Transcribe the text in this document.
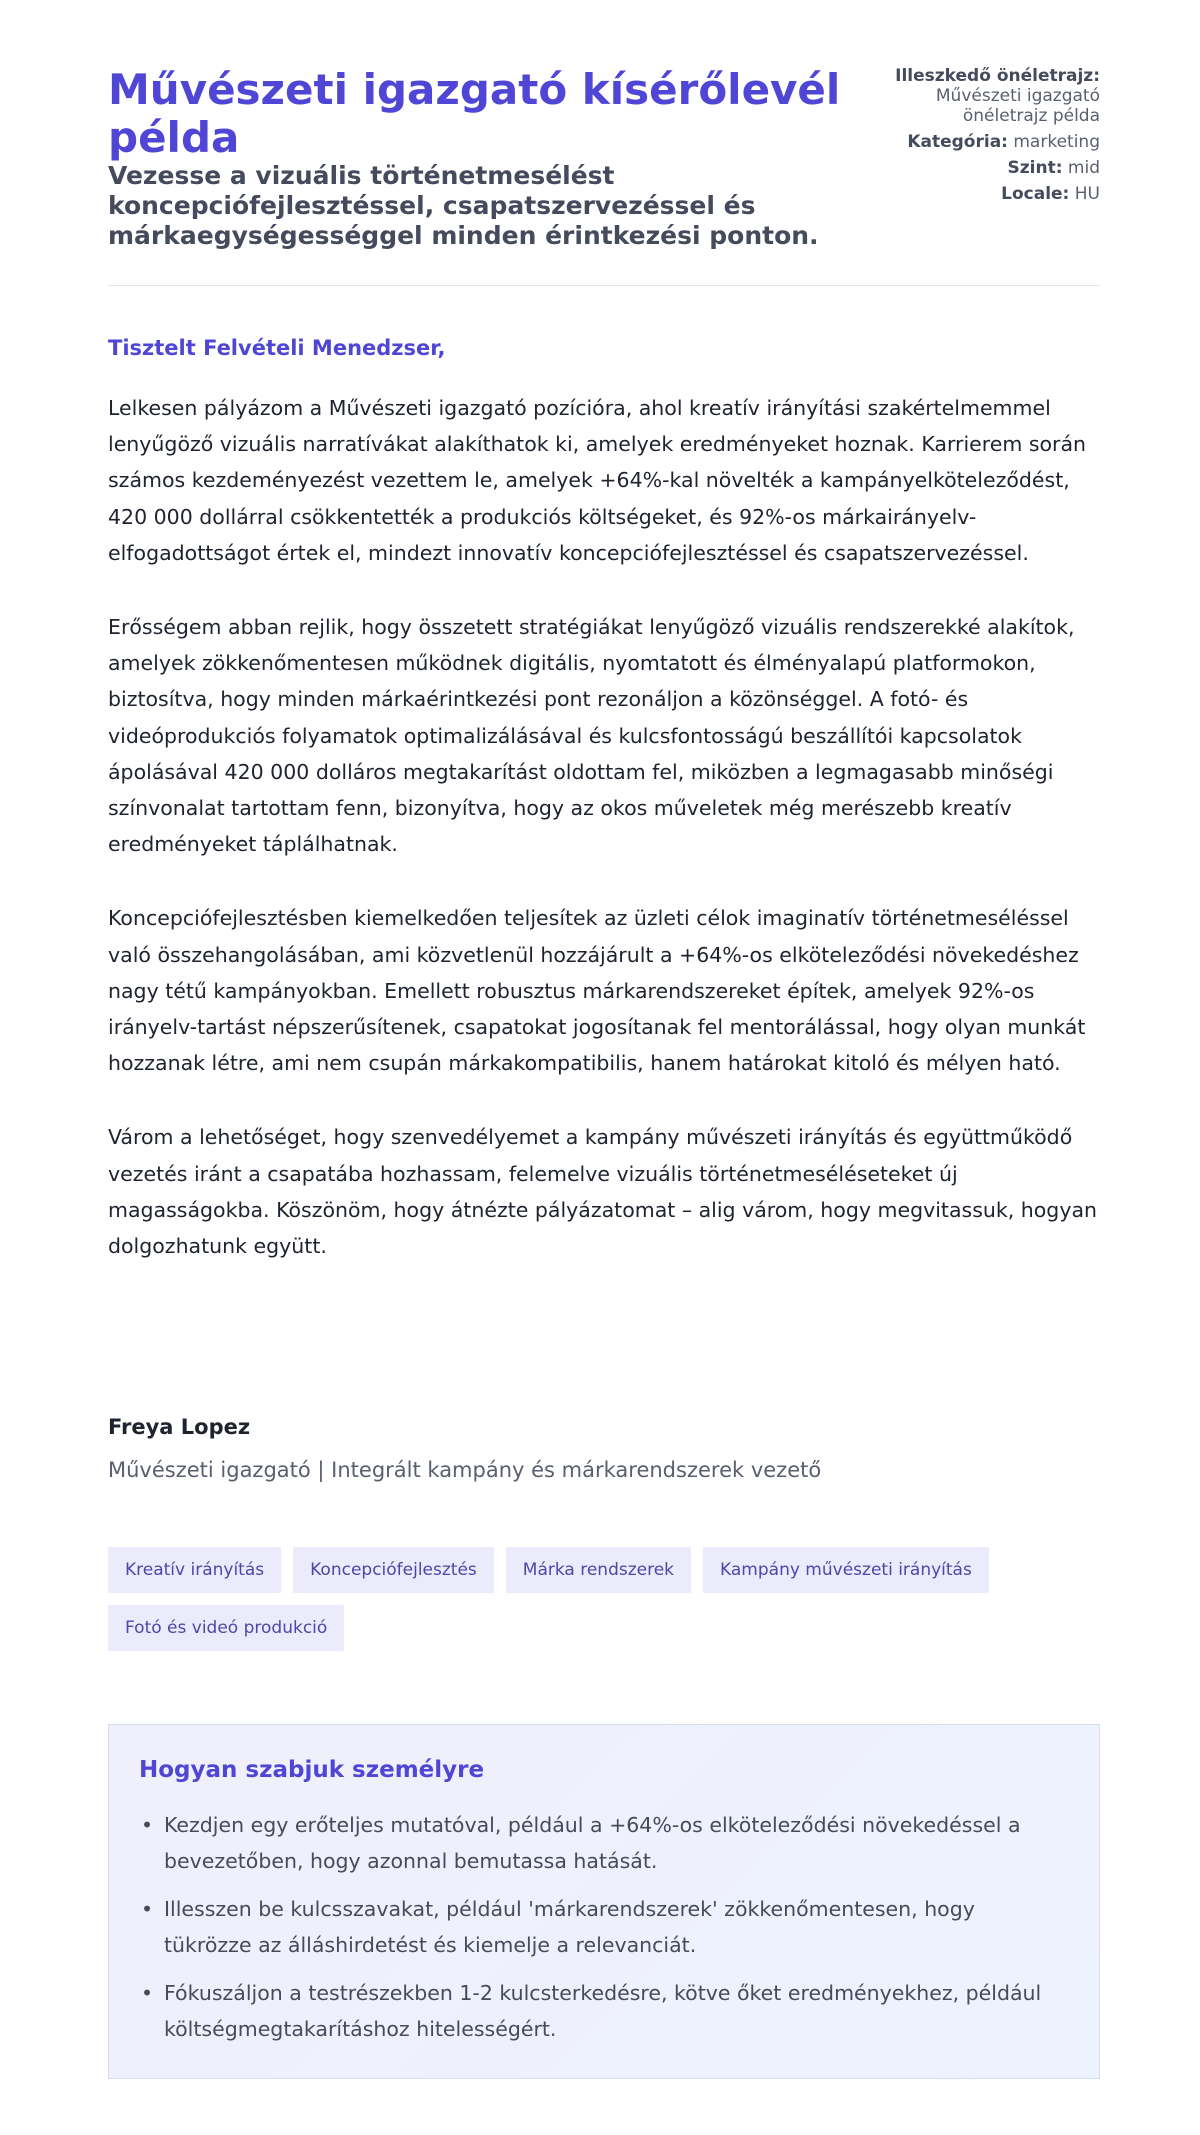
Művészeti igazgató kísérőlevél példa
Vezesse a vizuális történetmesélést koncepciófejlesztéssel, csapatszervezéssel és márkaegységességgel minden érintkezési ponton.

Illeszkedő önéletrajz: Művészeti igazgató önéletrajz példa

Kategória: marketing

Szint: mid

Locale: HU

Tisztelt Felvételi Menedzser,

Lelkesen pályázom a Művészeti igazgató pozícióra, ahol kreatív irányítási szakértelmemmel lenyűgöző vizuális narratívákat alakíthatok ki, amelyek eredményeket hoznak. Karrierem során számos kezdeményezést vezettem le, amelyek +64%-kal növelték a kampányelköteleződést, 420 000 dollárral csökkentették a produkciós költségeket, és 92%-os márkairányelv-elfogadottságot értek el, mindezt innovatív koncepciófejlesztéssel és csapatszervezéssel.

Erősségem abban rejlik, hogy összetett stratégiákat lenyűgöző vizuális rendszerekké alakítok, amelyek zökkenőmentesen működnek digitális, nyomtatott és élményalapú platformokon, biztosítva, hogy minden márkaérintkezési pont rezonáljon a közönséggel. A fotó- és videóprodukciós folyamatok optimalizálásával és kulcsfontosságú beszállítói kapcsolatok ápolásával 420 000 dolláros megtakarítást oldottam fel, miközben a legmagasabb minőségi színvonalat tartottam fenn, bizonyítva, hogy az okos műveletek még merészebb kreatív eredményeket táplálhatnak.

Koncepciófejlesztésben kiemelkedően teljesítek az üzleti célok imaginatív történetmeséléssel való összehangolásában, ami közvetlenül hozzájárult a +64%-os elköteleződési növekedéshez nagy tétű kampányokban. Emellett robusztus márkarendszereket építek, amelyek 92%-os irányelv-tartást népszerűsítenek, csapatokat jogosítanak fel mentorálással, hogy olyan munkát hozzanak létre, ami nem csupán márkakompatibilis, hanem határokat kitoló és mélyen ható.

Várom a lehetőséget, hogy szenvedélyemet a kampány művészeti irányítás és együttműködő vezetés iránt a csapatába hozhassam, felemelve vizuális történetmeséléseteket új magasságokba. Köszönöm, hogy átnézte pályázatomat – alig várom, hogy megvitassuk, hogyan dolgozhatunk együtt.

Freya Lopez

Művészeti igazgató | Integrált kampány és márkarendszerek vezető

Kreatív irányítás	Koncepciófejlesztés	Márka rendszerek	Kampány művészeti irányítás
Fotó és videó produkció
Hogyan szabjuk személyre
• Kezdjen egy erőteljes mutatóval, például a +64%-os elköteleződési növekedéssel a bevezetőben, hogy azonnal bemutassa hatását.
• Illesszen be kulcsszavakat, például 'márkarendszerek' zökkenőmentesen, hogy tükrözze az álláshirdetést és kiemelje a relevanciát.
• Fókuszáljon a testrészekben 1-2 kulcsterkedésre, kötve őket eredményekhez, például költségmegtakarításhoz hitelességért.
